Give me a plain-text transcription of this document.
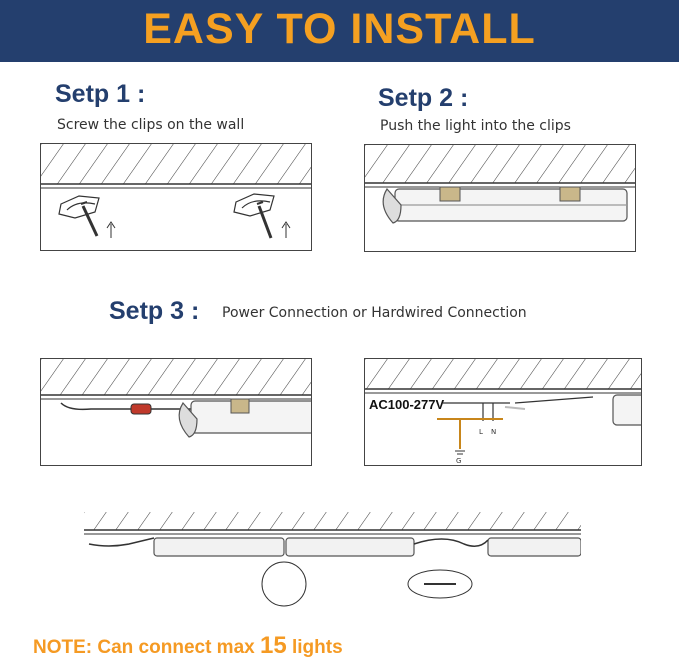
EASY TO INSTALL
Setp 1 :
Screw the clips on the wall
Setp 2 :
Push the light into the clips
Setp 3 : Power Connection or Hardwired Connection
AC100-277V
L N
G
NOTE: Can connect max 15 lights
